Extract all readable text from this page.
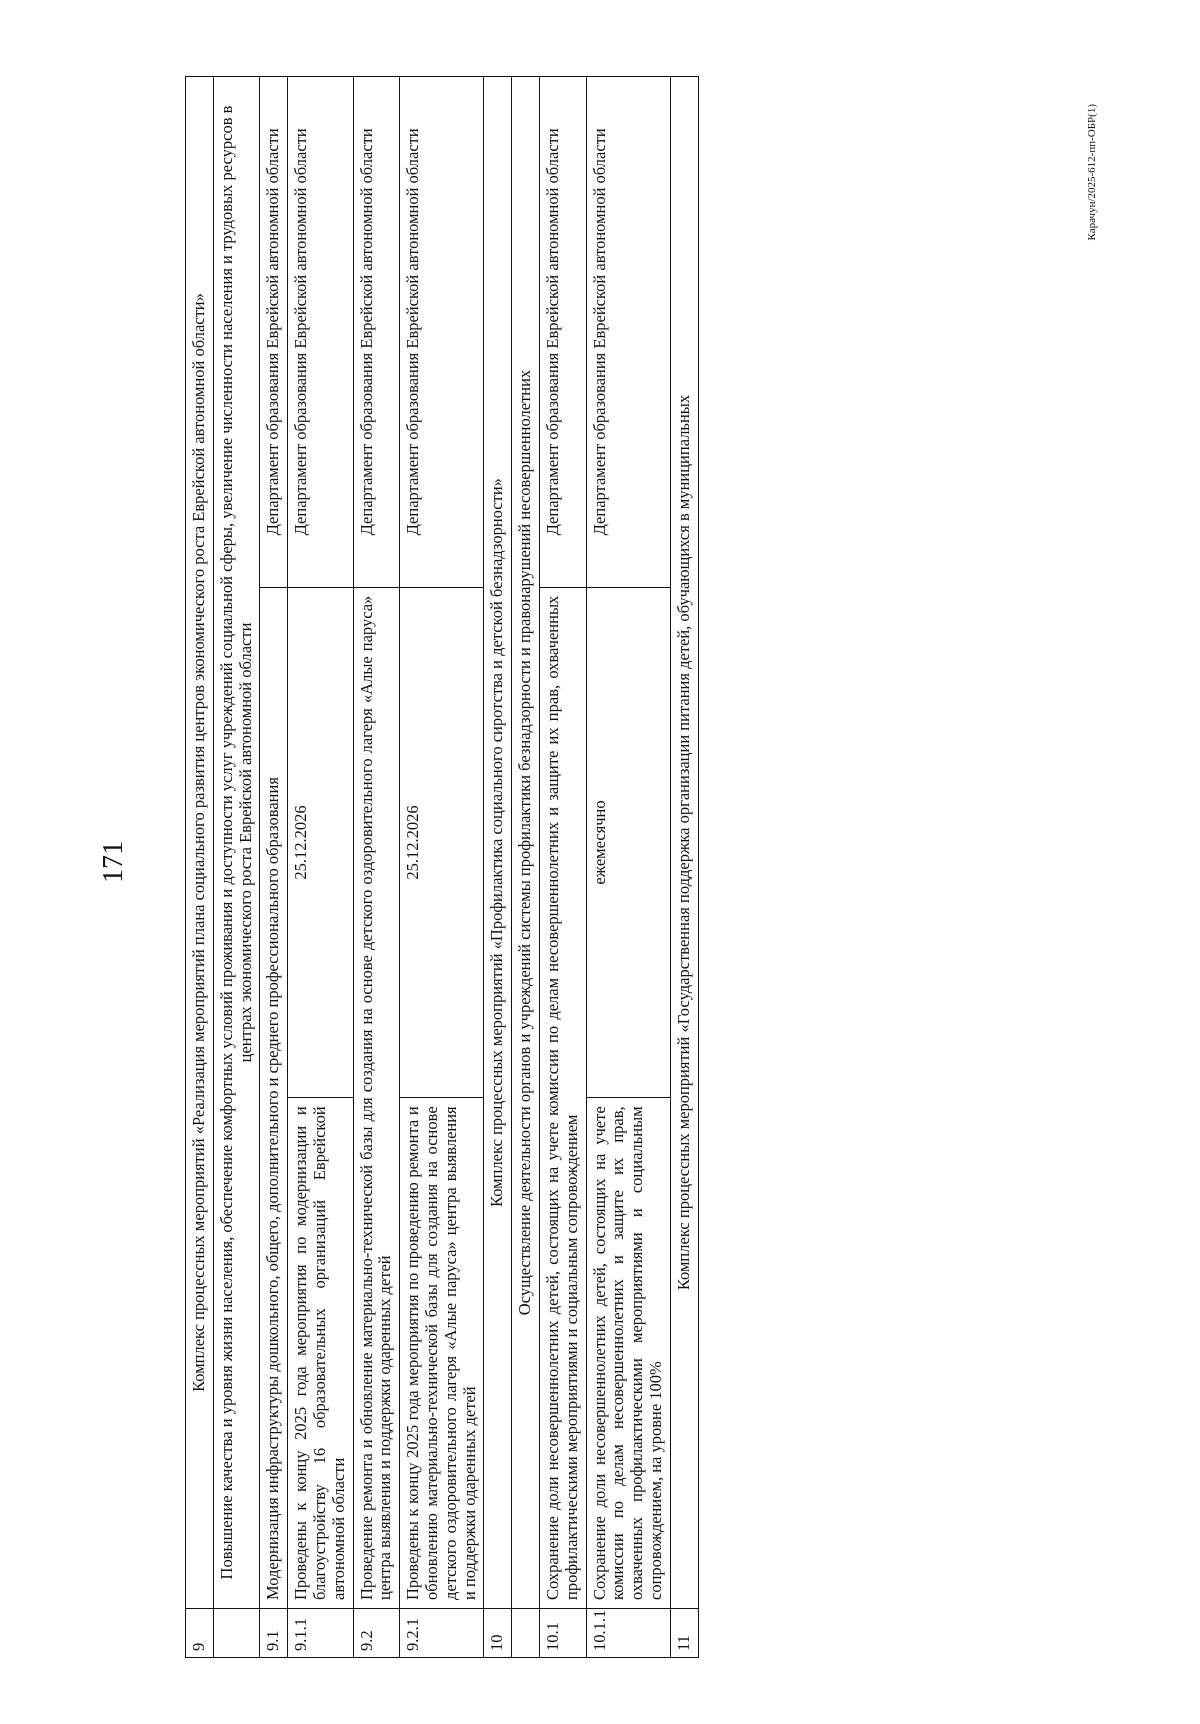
171
9	Комплекс процессных мероприятий «Реализация мероприятий плана социального развития центров экономического роста Еврейской автономной области»		
	Повышение качества и уровня жизни населения, обеспечение комфортных условий проживания и доступности услуг учреждений социальной сферы, увеличение численности населения и трудовых ресурсов в центрах экономического роста Еврейской автономной области		
9.1	Модернизация инфраструктуры дошкольного, общего, дополнительного и среднего профессионального образования		Департамент образования Еврейской автономной области
9.1.1	Проведены к концу 2025 года мероприятия по модернизации и благоустройству 16 образовательных организаций Еврейской автономной области	25.12.2026	Департамент образования Еврейской автономной области
9.2	Проведение ремонта и обновление материально-технической базы для создания на основе детского оздоровительного лагеря «Алые паруса» центра выявления и поддержки одаренных детей		Департамент образования Еврейской автономной области
9.2.1	Проведены к концу 2025 года мероприятия по проведению ремонта и обновлению материально-технической базы для создания на основе детского оздоровительного лагеря «Алые паруса» центра выявления и поддержки одаренных детей	25.12.2026	Департамент образования Еврейской автономной области
10	Комплекс процессных мероприятий «Профилактика социального сиротства и детской безнадзорности»		
	Осуществление деятельности органов и учреждений системы профилактики безнадзорности и правонарушений несовершеннолетних		
10.1	Сохранение доли несовершеннолетних детей, состоящих на учете комиссии по делам несовершеннолетних и защите их прав, охваченных профилактическими мероприятиями и социальным сопровождением		Департамент образования Еврейской автономной области
10.1.1	Сохранение доли несовершеннолетних детей, состоящих на учете комиссии по делам несовершеннолетних и защите их прав, охваченных профилактическими мероприятиями и социальным сопровождением, на уровне 100%	ежемесячно	Департамент образования Еврейской автономной области
11	Комплекс процессных мероприятий «Государственная поддержка организации питания детей, обучающихся в муниципальных		
Карачун/2025-612-пп-ОБР(1)
